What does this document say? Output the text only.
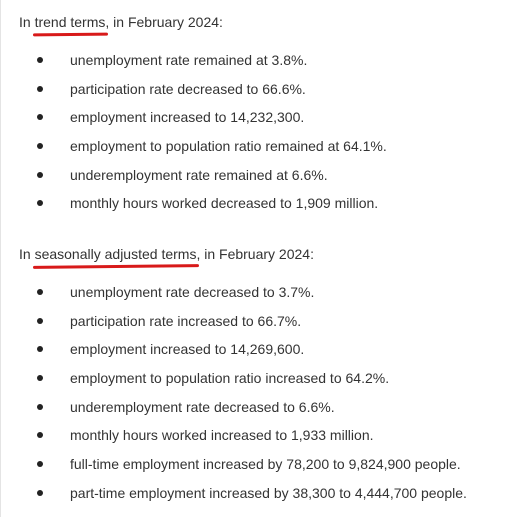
In trend terms
, in February 2024:
unemployment rate remained at 3.8%.
participation rate decreased to 66.6%.
employment increased to 14,232,300.
employment to population ratio remained at 64.1%.
underemployment rate remained at 6.6%.
monthly hours worked decreased to 1,909 million.
In seasonally adjusted terms
, in February 2024:
unemployment rate decreased to 3.7%.
participation rate increased to 66.7%.
employment increased to 14,269,600.
employment to population ratio increased to 64.2%.
underemployment rate decreased to 6.6%.
monthly hours worked increased to 1,933 million.
full-time employment increased by 78,200 to 9,824,900 people.
part-time employment increased by 38,300 to 4,444,700 people.
